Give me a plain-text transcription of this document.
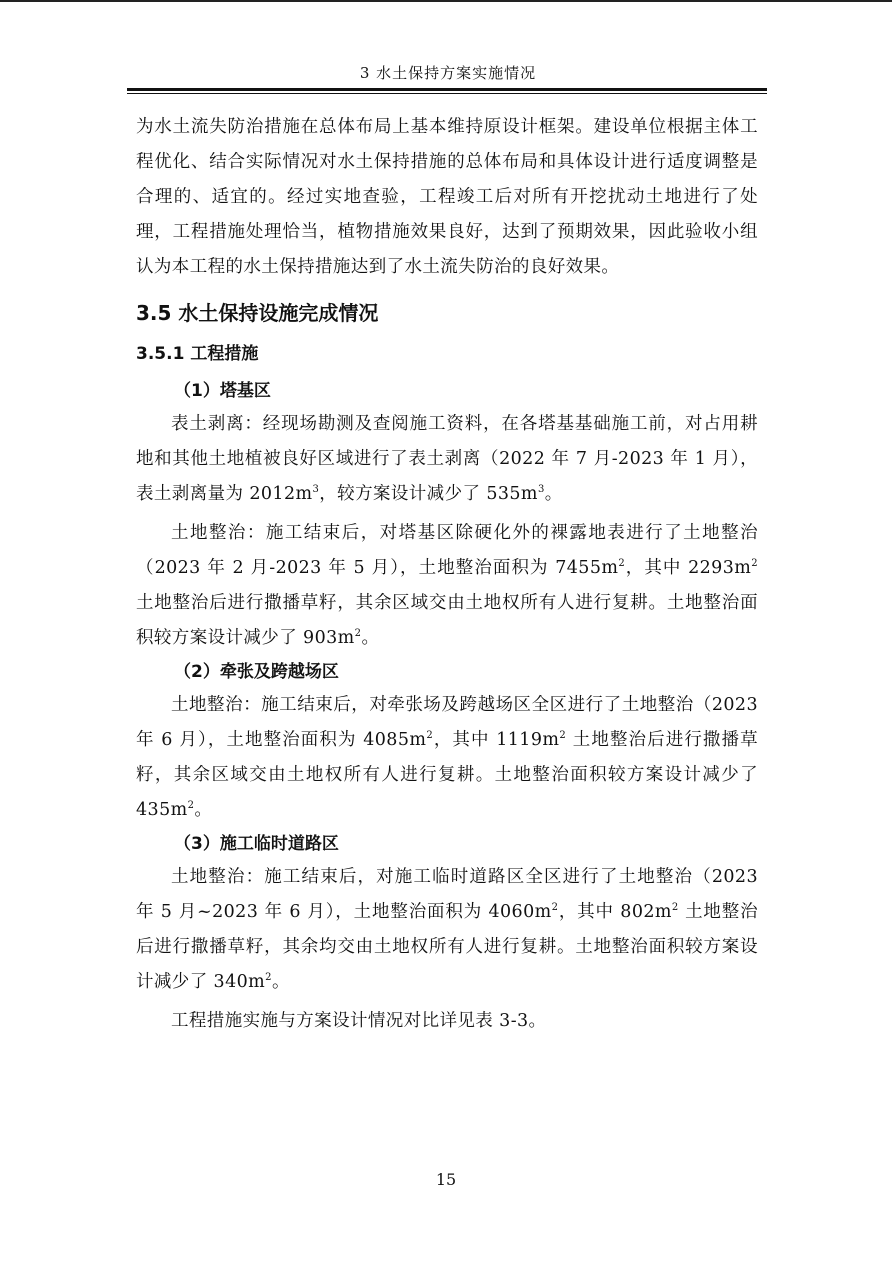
3 水土保持方案实施情况

为水土流失防治措施在总体布局上基本维持原设计框架。建设单位根据主体工程优化、结合实际情况对水土保持措施的总体布局和具体设计进行适度调整是合理的、适宜的。经过实地查验，工程竣工后对所有开挖扰动土地进行了处理，工程措施处理恰当，植物措施效果良好，达到了预期效果，因此验收小组认为本工程的水土保持措施达到了水土流失防治的良好效果。

3.5 水土保持设施完成情况
3.5.1 工程措施
（1）塔基区

表土剥离：经现场勘测及查阅施工资料，在各塔基基础施工前，对占用耕地和其他土地植被良好区域进行了表土剥离（2022 年 7 月-2023 年 1 月），表土剥离量为 $2012m^3$，较方案设计减少了 $535m^3$。

土地整治：施工结束后，对塔基区除硬化外的裸露地表进行了土地整治（2023 年 2 月-2023 年 5 月），土地整治面积为 $7455m^2$，其中 $2293m^2$ 土地整治后进行撒播草籽，其余区域交由土地权所有人进行复耕。土地整治面积较方案设计减少了 $903m^2$。

（2）牵张及跨越场区

土地整治：施工结束后，对牵张场及跨越场区全区进行了土地整治（2023 年 6 月），土地整治面积为 $4085m^2$，其中 $1119m^2$ 土地整治后进行撒播草籽，其余区域交由土地权所有人进行复耕。土地整治面积较方案设计减少了 $435m^2$。

（3）施工临时道路区

土地整治：施工结束后，对施工临时道路区全区进行了土地整治（2023 年 5 月~2023 年 6 月），土地整治面积为 $4060m^2$，其中 $802m^2$ 土地整治后进行撒播草籽，其余均交由土地权所有人进行复耕。土地整治面积较方案设计减少了 $340m^2$。

工程措施实施与方案设计情况对比详见表 3-3。

15
